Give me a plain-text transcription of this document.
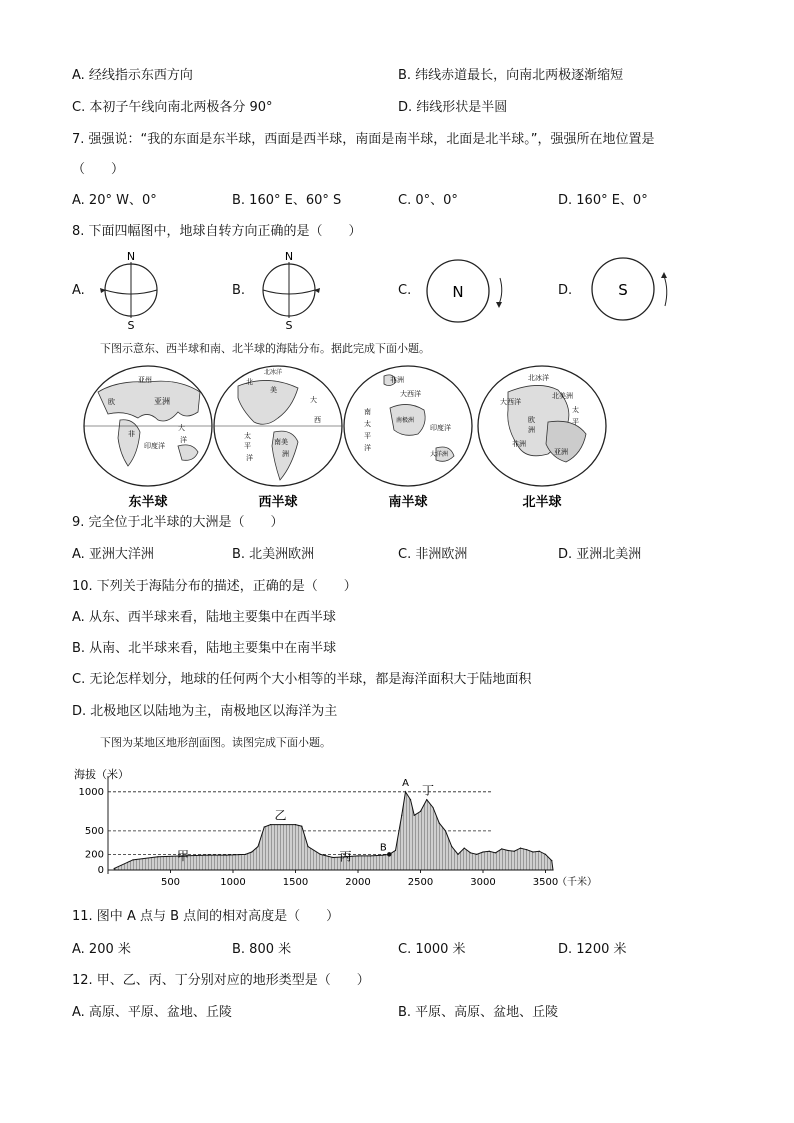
A. 经线指示东西方向	B. 纬线赤道最长，向南北两极逐渐缩短
C. 本初子午线向南北两极各分 90°	D. 纬线形状是半圆
7. 强强说：“我的东面是东半球，西面是西半球，南面是南半球，北面是北半球。”，强强所在地位置是
（　　）
A. 20° W、0°	B. 160° E、60° S	C. 0°、0°	D. 160° E、0°
8. 下面四幅图中，地球自转方向正确的是（　　）
A.
N
S
B.
N
S
C.	N	D.	S
下图示意东、西半球和南、北半球的海陆分布。据此完成下面小题。
亚州
欧	亚洲
非
大
印度洋
洋
东半球
北
美
太
大
平	南美
洲
西
洋
北冰洋
西半球
非洲
大西洋
南
太
平
洋
印度洋
大洋洲
南极洲
南半球
北冰洋
大西洋
北美洲
太
平
欧
洲
亚洲
非洲
北半球
9. 完全位于北半球的大洲是（　　）
A. 亚洲大洋洲	B. 北美洲欧洲	C. 非洲欧洲	D. 亚洲北美洲
10. 下列关于海陆分布的描述，正确的是（　　）
A. 从东、西半球来看，陆地主要集中在西半球
B. 从南、北半球来看，陆地主要集中在南半球
C. 无论怎样划分，地球的任何两个大小相等的半球，都是海洋面积大于陆地面积
D. 北极地区以陆地为主，南极地区以海洋为主
下图为某地区地形剖面图。读图完成下面小题。
海拔（米）
（千米）
1000
500
200
0
500	1000	1500	2000	2500	3000	3500
甲
乙
丙
A
B
丁
11. 图中 A 点与 B 点间的相对高度是（　　）
A. 200 米	B. 800 米	C. 1000 米	D. 1200 米
12. 甲、乙、丙、丁分别对应的地形类型是（　　）
A. 高原、平原、盆地、丘陵	B. 平原、高原、盆地、丘陵
